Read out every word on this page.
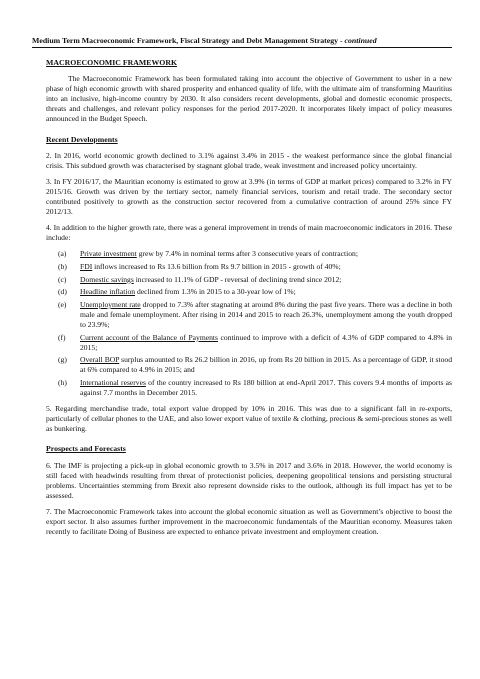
Medium Term Macroeconomic Framework, Fiscal Strategy and Debt Management Strategy - continued
MACROECONOMIC FRAMEWORK

The Macroeconomic Framework has been formulated taking into account the objective of Government to usher in a new phase of high economic growth with shared prosperity and enhanced quality of life, with the ultimate aim of transforming Mauritius into an inclusive, high-income country by 2030. It also considers recent developments, global and domestic economic prospects, threats and challenges, and relevant policy responses for the period 2017-2020. It incorporates likely impact of policy measures announced in the Budget Speech.

Recent Developments

2. In 2016, world economic growth declined to 3.1% against 3.4% in 2015 - the weakest performance since the global financial crisis. This subdued growth was characterised by stagnant global trade, weak investment and increased policy uncertainty.

3. In FY 2016/17, the Mauritian economy is estimated to grow at 3.9% (in terms of GDP at market prices) compared to 3.2% in FY 2015/16. Growth was driven by the tertiary sector, namely financial services, tourism and retail trade. The secondary sector contributed positively to growth as the construction sector recovered from a cumulative contraction of around 25% since FY 2012/13.

4. In addition to the higher growth rate, there was a general improvement in trends of main macroeconomic indicators in 2016. These include:

(a) Private investment grew by 7.4% in nominal terms after 3 consecutive years of contraction;
(b) FDI inflows increased to Rs 13.6 billion from Rs 9.7 billion in 2015 - growth of 40%;
(c) Domestic savings increased to 11.1% of GDP - reversal of declining trend since 2012;
(d) Headline inflation declined from 1.3% in 2015 to a 30-year low of 1%;
(e) Unemployment rate dropped to 7.3% after stagnating at around 8% during the past five years. There was a decline in both male and female unemployment. After rising in 2014 and 2015 to reach 26.3%, unemployment among the youth dropped to 23.9%;
(f) Current account of the Balance of Payments continued to improve with a deficit of 4.3% of GDP compared to 4.8% in 2015;
(g) Overall BOP surplus amounted to Rs 26.2 billion in 2016, up from Rs 20 billion in 2015. As a percentage of GDP, it stood at 6% compared to 4.9% in 2015; and
(h) International reserves of the country increased to Rs 180 billion at end-April 2017. This covers 9.4 months of imports as against 7.7 months in December 2015.

5. Regarding merchandise trade, total export value dropped by 10% in 2016. This was due to a significant fall in re-exports, particularly of cellular phones to the UAE, and also lower export value of textile & clothing, precious & semi-precious stones as well as bunkering.

Prospects and Forecasts

6. The IMF is projecting a pick-up in global economic growth to 3.5% in 2017 and 3.6% in 2018. However, the world economy is still faced with headwinds resulting from threat of protectionist policies, deepening geopolitical tensions and persisting structural problems. Uncertainties stemming from Brexit also represent downside risks to the outlook, although its full impact has yet to be assessed.

7. The Macroeconomic Framework takes into account the global economic situation as well as Government’s objective to boost the export sector. It also assumes further improvement in the macroeconomic fundamentals of the Mauritian economy. Measures taken recently to facilitate Doing of Business are expected to enhance private investment and employment creation.
